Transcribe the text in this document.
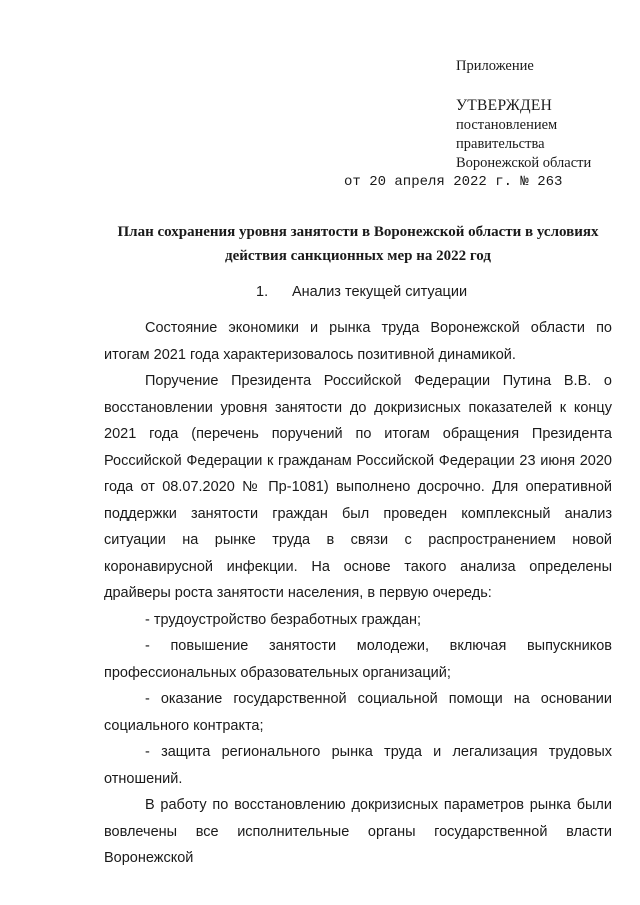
Приложение
УТВЕРЖДЕН
постановлением
правительства
Воронежской области
от 20 апреля 2022 г. № 263
План сохранения уровня занятости в Воронежской области в условиях действия санкционных мер на 2022 год
1. Анализ текущей ситуации

Состояние экономики и рынка труда Воронежской области по итогам 2021 года характеризовалось позитивной динамикой.

Поручение Президента Российской Федерации Путина В.В. о восстановлении уровня занятости до докризисных показателей к концу 2021 года (перечень поручений по итогам обращения Президента Российской Федерации к гражданам Российской Федерации 23 июня 2020 года от 08.07.2020 № Пр-1081) выполнено досрочно. Для оперативной поддержки занятости граждан был проведен комплексный анализ ситуации на рынке труда в связи с распространением новой коронавирусной инфекции. На основе такого анализа определены драйверы роста занятости населения, в первую очередь:

- трудоустройство безработных граждан;

- повышение занятости молодежи, включая выпускников профессиональных образовательных организаций;

- оказание государственной социальной помощи на основании социального контракта;

- защита регионального рынка труда и легализация трудовых отношений.

В работу по восстановлению докризисных параметров рынка были вовлечены все исполнительные органы государственной власти Воронежской
